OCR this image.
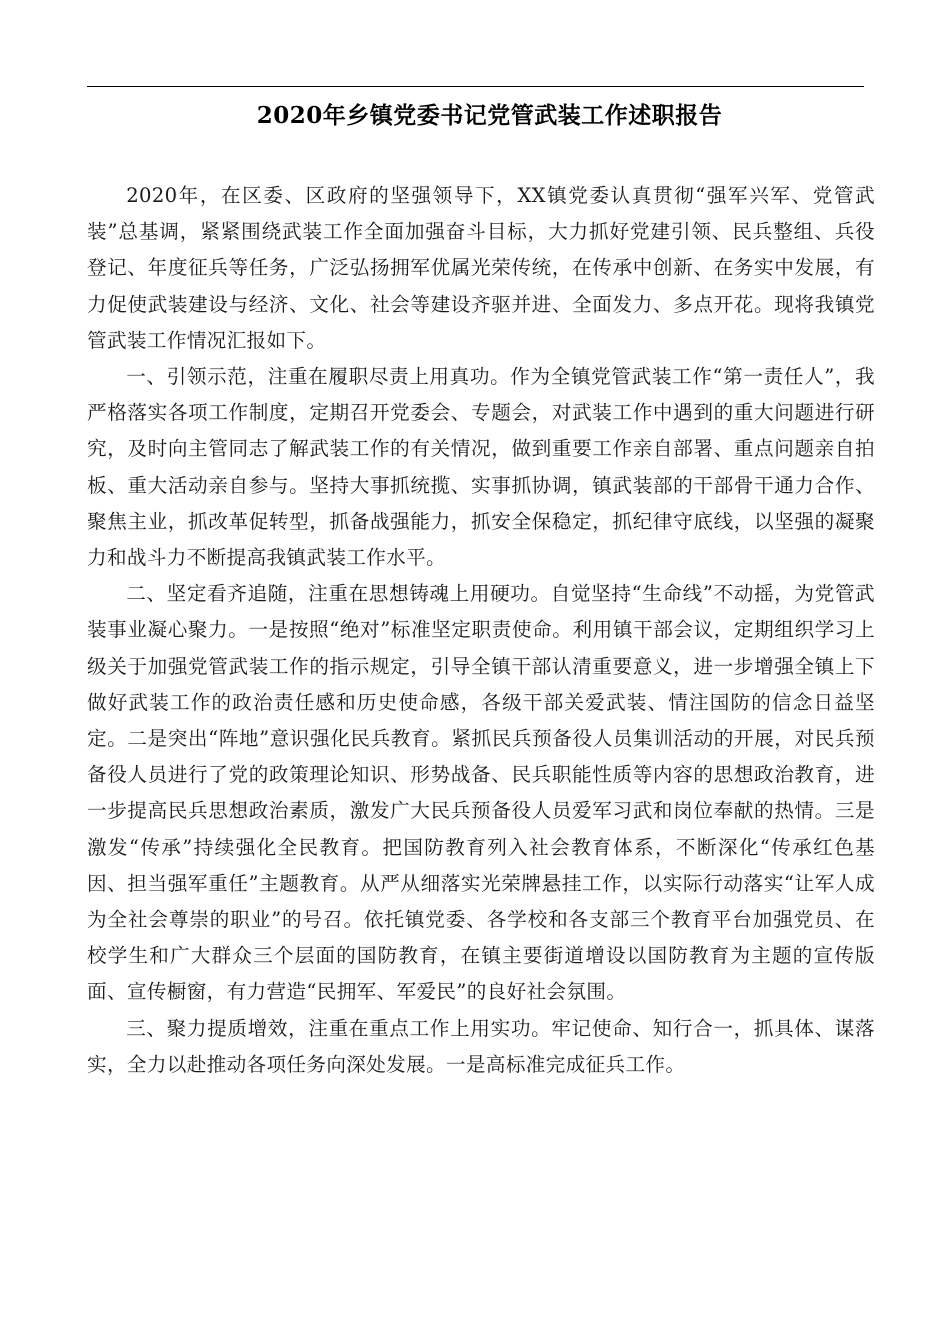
2020年乡镇党委书记党管武装工作述职报告

2020年，在区委、区政府的坚强领导下，XX镇党委认真贯彻“强军兴军、党管武装”总基调，紧紧围绕武装工作全面加强奋斗目标，大力抓好党建引领、民兵整组、兵役登记、年度征兵等任务，广泛弘扬拥军优属光荣传统，在传承中创新、在务实中发展，有力促使武装建设与经济、文化、社会等建设齐驱并进、全面发力、多点开花。现将我镇党管武装工作情况汇报如下。

一、引领示范，注重在履职尽责上用真功。作为全镇党管武装工作“第一责任人”，我严格落实各项工作制度，定期召开党委会、专题会，对武装工作中遇到的重大问题进行研究，及时向主管同志了解武装工作的有关情况，做到重要工作亲自部署、重点问题亲自拍板、重大活动亲自参与。坚持大事抓统揽、实事抓协调，镇武装部的干部骨干通力合作、聚焦主业，抓改革促转型，抓备战强能力，抓安全保稳定，抓纪律守底线，以坚强的凝聚力和战斗力不断提高我镇武装工作水平。

二、坚定看齐追随，注重在思想铸魂上用硬功。自觉坚持“生命线”不动摇，为党管武装事业凝心聚力。一是按照“绝对”标准坚定职责使命。利用镇干部会议，定期组织学习上级关于加强党管武装工作的指示规定，引导全镇干部认清重要意义，进一步增强全镇上下做好武装工作的政治责任感和历史使命感，各级干部关爱武装、情注国防的信念日益坚定。二是突出“阵地”意识强化民兵教育。紧抓民兵预备役人员集训活动的开展，对民兵预备役人员进行了党的政策理论知识、形势战备、民兵职能性质等内容的思想政治教育，进一步提高民兵思想政治素质，激发广大民兵预备役人员爱军习武和岗位奉献的热情。三是激发“传承”持续强化全民教育。把国防教育列入社会教育体系，不断深化“传承红色基因、担当强军重任”主题教育。从严从细落实光荣牌悬挂工作，以实际行动落实“让军人成为全社会尊崇的职业”的号召。依托镇党委、各学校和各支部三个教育平台加强党员、在校学生和广大群众三个层面的国防教育，在镇主要街道增设以国防教育为主题的宣传版面、宣传橱窗，有力营造“民拥军、军爱民”的良好社会氛围。

三、聚力提质增效，注重在重点工作上用实功。牢记使命、知行合一，抓具体、谋落实，全力以赴推动各项任务向深处发展。一是高标准完成征兵工作。
